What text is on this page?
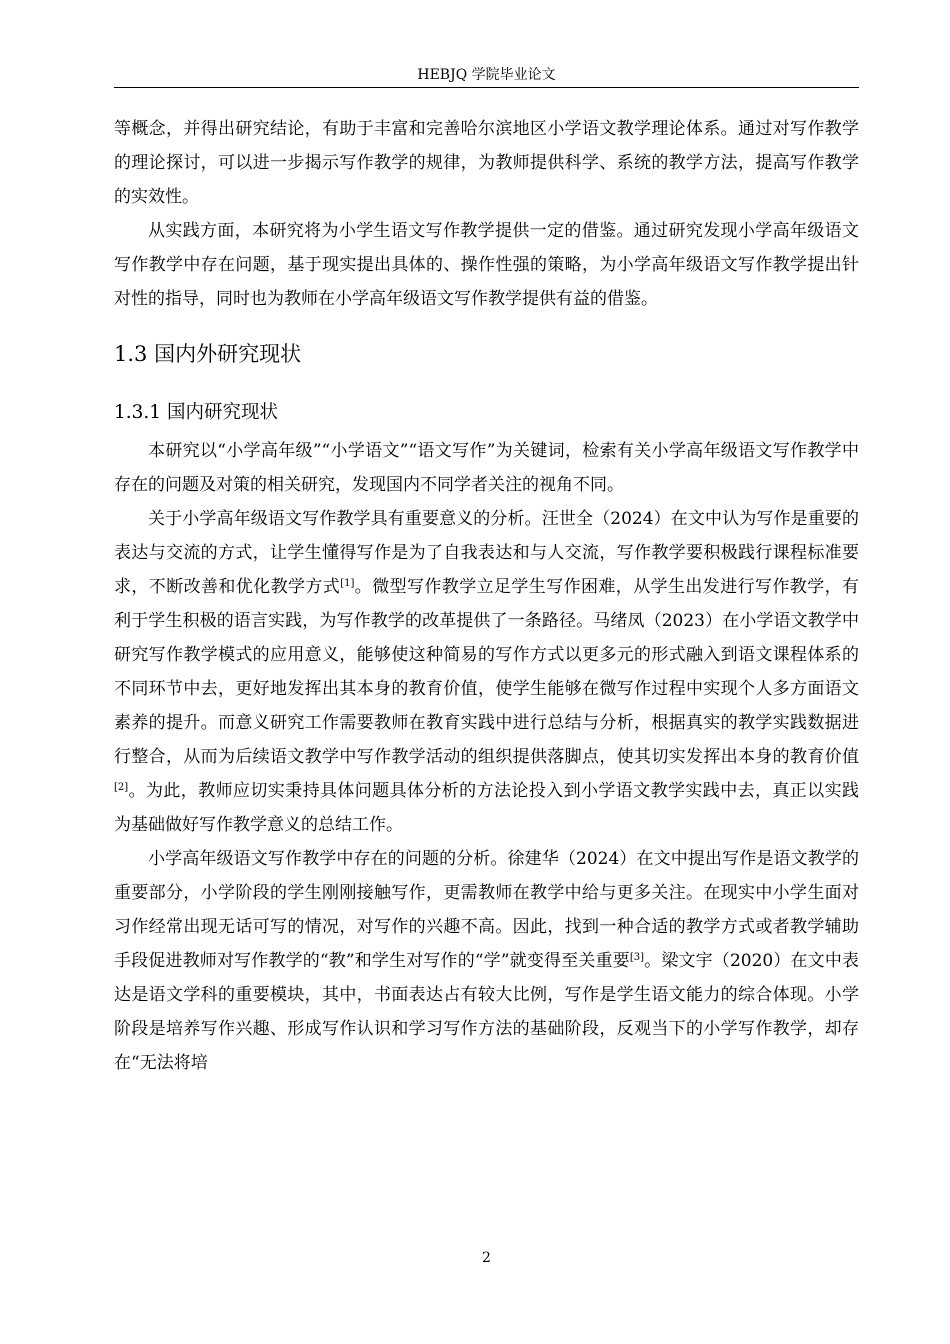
HEBJQ 学院毕业论文

等概念，并得出研究结论，有助于丰富和完善哈尔滨地区小学语文教学理论体系。通过对写作教学的理论探讨，可以进一步揭示写作教学的规律，为教师提供科学、系统的教学方法，提高写作教学的实效性。

从实践方面，本研究将为小学生语文写作教学提供一定的借鉴。通过研究发现小学高年级语文写作教学中存在问题，基于现实提出具体的、操作性强的策略，为小学高年级语文写作教学提出针对性的指导，同时也为教师在小学高年级语文写作教学提供有益的借鉴。

1.3 国内外研究现状
1.3.1 国内研究现状

本研究以“小学高年级”“小学语文”“语文写作”为关键词，检索有关小学高年级语文写作教学中存在的问题及对策的相关研究，发现国内不同学者关注的视角不同。

关于小学高年级语文写作教学具有重要意义的分析。汪世全（2024）在文中认为写作是重要的表达与交流的方式，让学生懂得写作是为了自我表达和与人交流，写作教学要积极践行课程标准要求，不断改善和优化教学方式[1]。微型写作教学立足学生写作困难，从学生出发进行写作教学，有利于学生积极的语言实践，为写作教学的改革提供了一条路径。马绪凤（2023）在小学语文教学中研究写作教学模式的应用意义，能够使这种简易的写作方式以更多元的形式融入到语文课程体系的不同环节中去，更好地发挥出其本身的教育价值，使学生能够在微写作过程中实现个人多方面语文素养的提升。而意义研究工作需要教师在教育实践中进行总结与分析，根据真实的教学实践数据进行整合，从而为后续语文教学中写作教学活动的组织提供落脚点，使其切实发挥出本身的教育价值[2]。为此，教师应切实秉持具体问题具体分析的方法论投入到小学语文教学实践中去，真正以实践为基础做好写作教学意义的总结工作。

小学高年级语文写作教学中存在的问题的分析。徐建华（2024）在文中提出写作是语文教学的重要部分，小学阶段的学生刚刚接触写作，更需教师在教学中给与更多关注。在现实中小学生面对习作经常出现无话可写的情况，对写作的兴趣不高。因此，找到一种合适的教学方式或者教学辅助手段促进教师对写作教学的“教”和学生对写作的“学”就变得至关重要[3]。梁文宇（2020）在文中表达是语文学科的重要模块，其中，书面表达占有较大比例，写作是学生语文能力的综合体现。小学阶段是培养写作兴趣、形成写作认识和学习写作方法的基础阶段，反观当下的小学写作教学，却存在“无法将培

2
